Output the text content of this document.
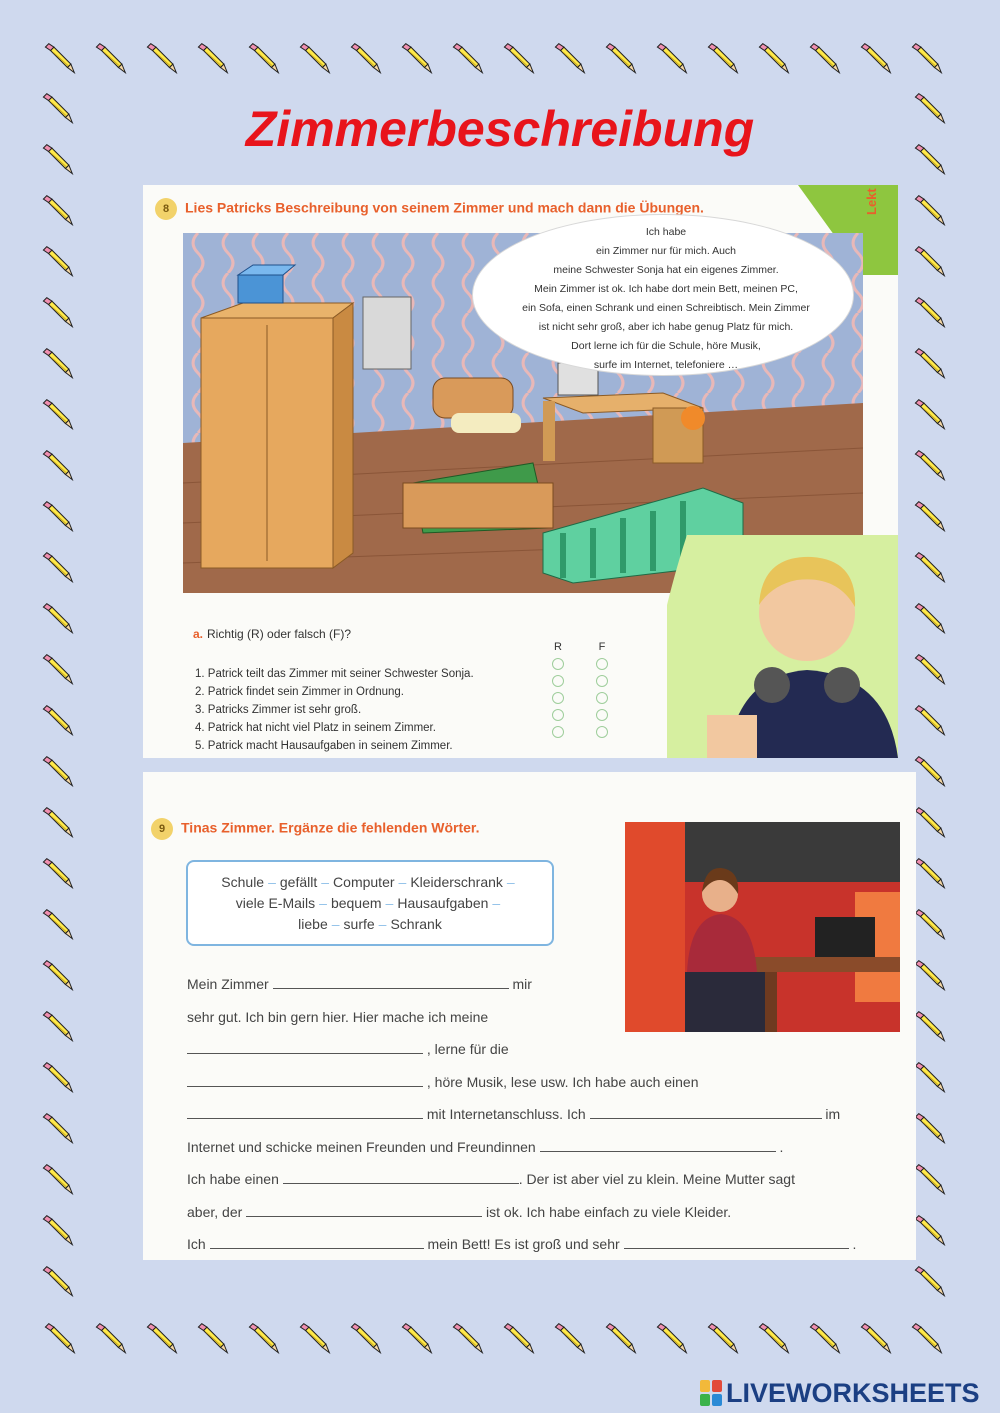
Zimmerbeschreibung
8 Lies Patricks Beschreibung von seinem Zimmer und mach dann die Übungen.	Lekt
Ich habe
ein Zimmer nur für mich. Auch
meine Schwester Sonja hat ein eigenes Zimmer.
Mein Zimmer ist ok. Ich habe dort mein Bett, meinen PC,
ein Sofa, einen Schrank und einen Schreibtisch. Mein Zimmer
ist nicht sehr groß, aber ich habe genug Platz für mich.
Dort lerne ich für die Schule, höre Musik,
surfe im Internet, telefoniere …
a. Richtig (R) oder falsch (F)?
1. Patrick teilt das Zimmer mit seiner Schwester Sonja.
2. Patrick findet sein Zimmer in Ordnung.
3. Patricks Zimmer ist sehr groß.
4. Patrick hat nicht viel Platz in seinem Zimmer.
5. Patrick macht Hausaufgaben in seinem Zimmer.
R	F
9 Tinas Zimmer. Ergänze die fehlenden Wörter.
Schule – gefällt – Computer – Kleiderschrank –
viele E-Mails – bequem – Hausaufgaben –
liebe – surfe – Schrank
Mein Zimmer	mir
sehr gut. Ich bin gern hier. Hier mache ich meine
, lerne für die
, höre Musik, lese usw. Ich habe auch einen
mit Internetanschluss. Ich	im
Internet und schicke meinen Freunden und Freundinnen	.
Ich habe einen	. Der ist aber viel zu klein. Meine Mutter sagt
aber, der	ist ok. Ich habe einfach zu viele Kleider.
Ich	mein Bett! Es ist groß und sehr	.
LIVEWORKSHEETS
